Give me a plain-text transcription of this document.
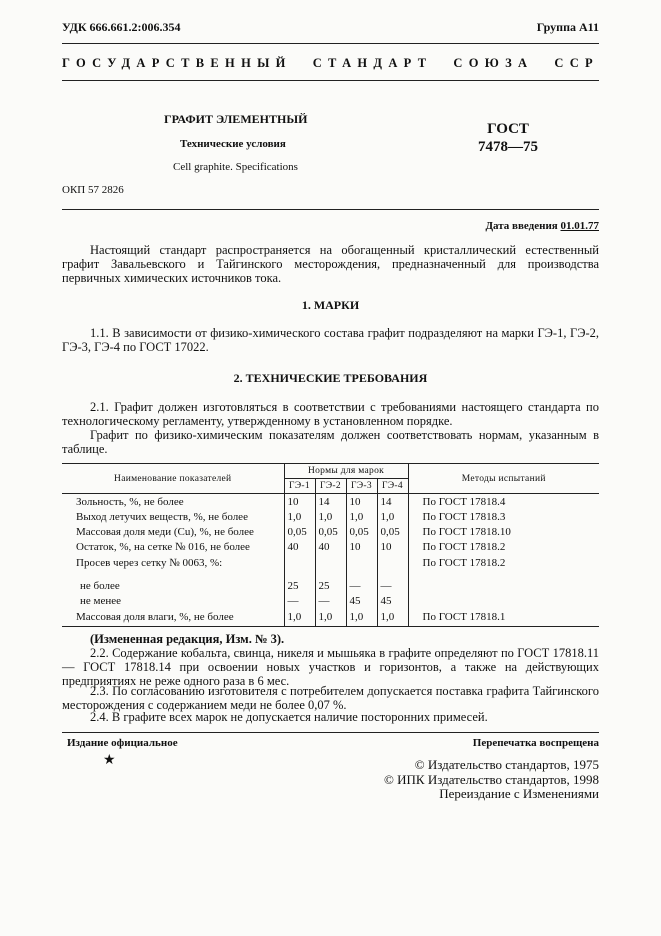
УДК 666.661.2:006.354	Группа А11
ГОСУДАРСТВЕННЫЙ СТАНДАРТ СОЮЗА ССР
ГРАФИТ ЭЛЕМЕНТНЫЙ
Технические условия
Cell graphite. Specifications
ГОСТ
7478—75
ОКП 57 2826
Дата введения 01.01.77
Настоящий стандарт распространяется на обогащенный кристаллический естественный графит Завальевского и Тайгинского месторождения, предназначенный для производства первичных химических источников тока.
1. МАРКИ
1.1. В зависимости от физико-химического состава графит подразделяют на марки ГЭ-1, ГЭ-2, ГЭ-3, ГЭ-4 по ГОСТ 17022.
2. ТЕХНИЧЕСКИЕ ТРЕБОВАНИЯ
2.1. Графит должен изготовляться в соответствии с требованиями настоящего стандарта по технологическому регламенту, утвержденному в установленном порядке.
Графит по физико-химическим показателям должен соответствовать нормам, указанным в таблице.
Наименование показателей	Нормы для марок				Методы испытаний
	ГЭ-1	ГЭ-2	ГЭ-3	ГЭ-4	
Зольность, %, не более	10	14	10	14	По ГОСТ 17818.4
Выход летучих веществ, %, не более	1,0	1,0	1,0	1,0	По ГОСТ 17818.3
Массовая доля меди (Cu), %, не более	0,05	0,05	0,05	0,05	По ГОСТ 17818.10
Остаток, %, на сетке № 016, не более	40	40	10	10	По ГОСТ 17818.2
Просев через сетку № 0063, %:					По ГОСТ 17818.2
не более	25	25	—	—	
не менее	—	—	45	45	
Массовая доля влаги, %, не более	1,0	1,0	1,0	1,0	По ГОСТ 17818.1
(Измененная редакция, Изм. № 3).
2.2. Содержание кобальта, свинца, никеля и мышьяка в графите определяют по ГОСТ 17818.11 — ГОСТ 17818.14 при освоении новых участков и горизонтов, а также на действующих предприятиях не реже одного раза в 6 мес.
2.3. По согласованию изготовителя с потребителем допускается поставка графита Тайгинского месторождения с содержанием меди не более 0,07 %.
2.4. В графите всех марок не допускается наличие посторонних примесей.
Издание официальное	Перепечатка воспрещена
★	© Издательство стандартов, 1975
© ИПК Издательство стандартов, 1998
Переиздание с Изменениями
